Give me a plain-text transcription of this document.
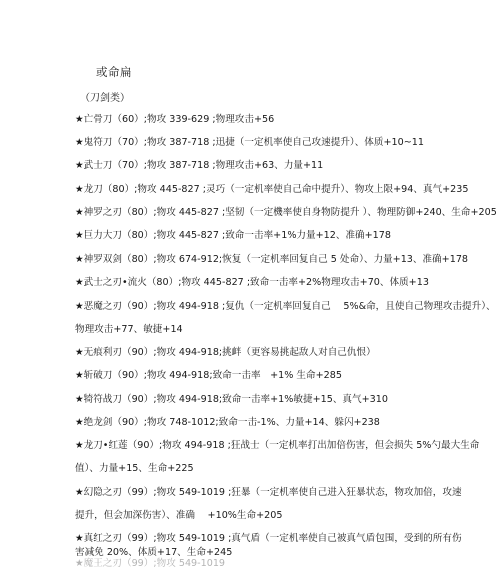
或命扁
（刀剑类）
★亡骨刀（60）;物攻 339-629 ;物理攻击+56
★鬼符刀（70）;物攻 387-718 ;迅捷（一定机率使自己攻速提升）、体质+10~11
★武士刀（70）;物攻 387-718 ;物理攻击+63、力量+11
★龙刀（80）;物攻 445-827 ;灵巧（一定机率使自己命中提升）、物攻上限+94、真气+235
★神罗之刃（80）;物攻 445-827 ;坚韧（一定機率使自身物防提升 ）、物理防御+240、生命+205
★巨力大刀（80）;物攻 445-827 ;致命一击率+1%力量+12、准确+178
★神罗双剑（80）;物攻 674-912;恢复（一定机率回复自己 5 处命）、力量+13、准确+178
★武士之刃•流火（80）;物攻 445-827 ;致命一击率+2%物理攻击+70、体质+13
★恶魔之刃（90）;物攻 494-918 ;复仇（一定机率回复自己　 5%&命，且使自己物理攻击提升）、
物理攻击+77、敏捷+14
★无痕利刃（90）;物攻 494-918;挑衅（更容易挑起敌人对自己仇恨）
★斩破刀（90）;物攻 494-918;致命一击率　+1% 生命+285
★犄符战刀（90）;物攻 494-918;致命一击率+1%敏捷+15、真气+310
★绝龙剑（90）;物攻 748-1012;致命一击-1%、力量+14、躲闪+238
★龙刀•红莲（90）;物攻 494-918 ;狂战士（一定机率打出加倍伤害，但会损失 5%勺最大生命
值）、力量+15、生命+225
★幻隐之刃（99）;物攻 549-1019 ;狂暴（一定机率使自己进入狂暴状态，物攻加倍，攻速
提升，但会加深伤害）、准确　 +10%生命+205
★真红之刃（99）;物攻 549-1019 ;真气盾（一定机率使自己被真气盾包围，受到的所有伤
害减免 20%、体质+17、生命+245
★魔王之刃（99）;物攻 549-1019
